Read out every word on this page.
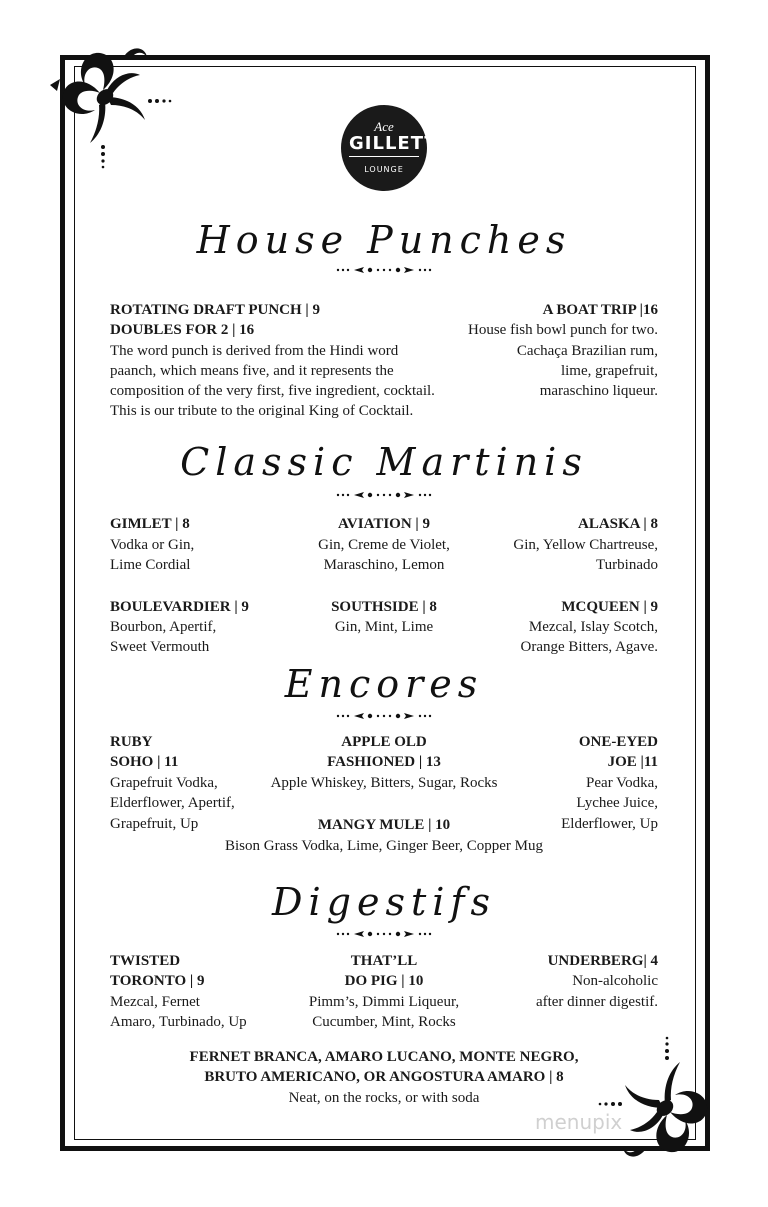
Ace
GILLETT'S
LOUNGE
House Punches
ROTATING DRAFT PUNCH | 9
DOUBLES FOR 2 | 16
The word punch is derived from the Hindi word
paanch, which means five, and it represents the
composition of the very first, five ingredient, cocktail.
This is our tribute to the original King of Cocktail.
A BOAT TRIP |16
House fish bowl punch for two.
Cachaça Brazilian rum,
lime, grapefruit,
maraschino liqueur.
Classic Martinis
GIMLET | 8
Vodka or Gin,
Lime Cordial
AVIATION | 9
Gin, Creme de Violet,
Maraschino, Lemon
ALASKA | 8
Gin, Yellow Chartreuse,
Turbinado
BOULEVARDIER | 9
Bourbon, Apertif,
Sweet Vermouth
SOUTHSIDE | 8
Gin, Mint, Lime
MCQUEEN | 9
Mezcal, Islay Scotch,
Orange Bitters, Agave.
Encores
RUBY
SOHO | 11
Grapefruit Vodka,
Elderflower, Apertif,
Grapefruit, Up
APPLE OLD
FASHIONED | 13
Apple Whiskey, Bitters, Sugar, Rocks
ONE-EYED
JOE |11
Pear Vodka,
Lychee Juice,
Elderflower, Up
MANGY MULE | 10
Bison Grass Vodka, Lime, Ginger Beer, Copper Mug
Digestifs
TWISTED
TORONTO | 9
Mezcal, Fernet
Amaro, Turbinado, Up
THAT’LL
DO PIG | 10
Pimm’s, Dimmi Liqueur,
Cucumber, Mint, Rocks
UNDERBERG| 4
Non-alcoholic
after dinner digestif.
FERNET BRANCA, AMARO LUCANO, MONTE NEGRO,
BRUTO AMERICANO, OR ANGOSTURA AMARO | 8
Neat, on the rocks, or with soda
menupix
